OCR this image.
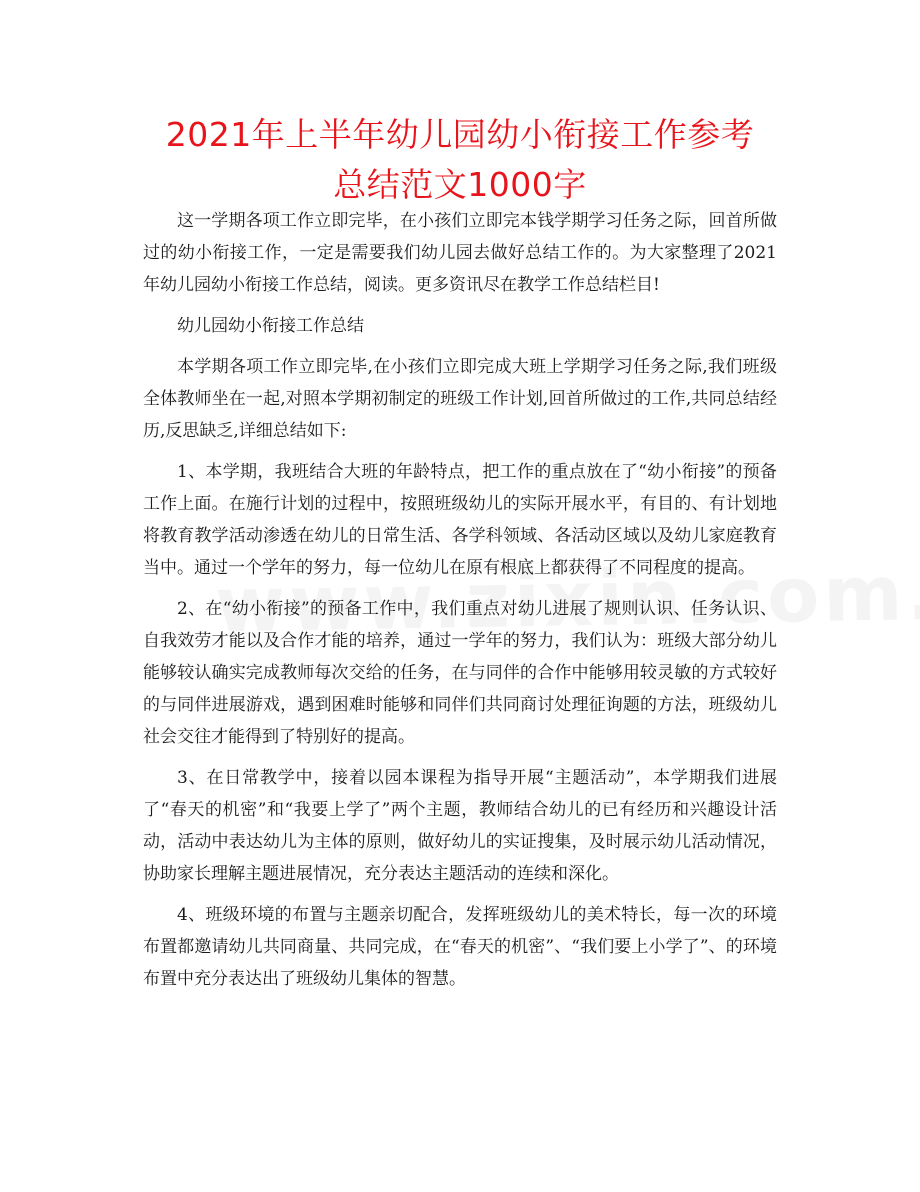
2021年上半年幼儿园幼小衔接工作参考总结范文1000字

这一学期各项工作立即完毕，在小孩们立即完本钱学期学习任务之际，回首所做过的幼小衔接工作，一定是需要我们幼儿园去做好总结工作的。为大家整理了2021年幼儿园幼小衔接工作总结，阅读。更多资讯尽在教学工作总结栏目!

幼儿园幼小衔接工作总结

本学期各项工作立即完毕,在小孩们立即完成大班上学期学习任务之际,我们班级全体教师坐在一起,对照本学期初制定的班级工作计划,回首所做过的工作,共同总结经历,反思缺乏,详细总结如下:

1、本学期，我班结合大班的年龄特点，把工作的重点放在了“幼小衔接”的预备工作上面。在施行计划的过程中，按照班级幼儿的实际开展水平，有目的、有计划地将教育教学活动渗透在幼儿的日常生活、各学科领域、各活动区域以及幼儿家庭教育当中。通过一个学年的努力，每一位幼儿在原有根底上都获得了不同程度的提高。

2、在“幼小衔接”的预备工作中，我们重点对幼儿进展了规则认识、任务认识、自我效劳才能以及合作才能的培养，通过一学年的努力，我们认为：班级大部分幼儿能够较认确实完成教师每次交给的任务，在与同伴的合作中能够用较灵敏的方式较好的与同伴进展游戏，遇到困难时能够和同伴们共同商讨处理征询题的方法，班级幼儿社会交往才能得到了特别好的提高。

3、在日常教学中，接着以园本课程为指导开展“主题活动”，本学期我们进展了“春天的机密”和“我要上学了”两个主题，教师结合幼儿的已有经历和兴趣设计活动，活动中表达幼儿为主体的原则，做好幼儿的实证搜集，及时展示幼儿活动情况，协助家长理解主题进展情况，充分表达主题活动的连续和深化。

4、班级环境的布置与主题亲切配合，发挥班级幼儿的美术特长，每一次的环境布置都邀请幼儿共同商量、共同完成，在“春天的机密”、“我们要上小学了”、的环境布置中充分表达出了班级幼儿集体的智慧。
